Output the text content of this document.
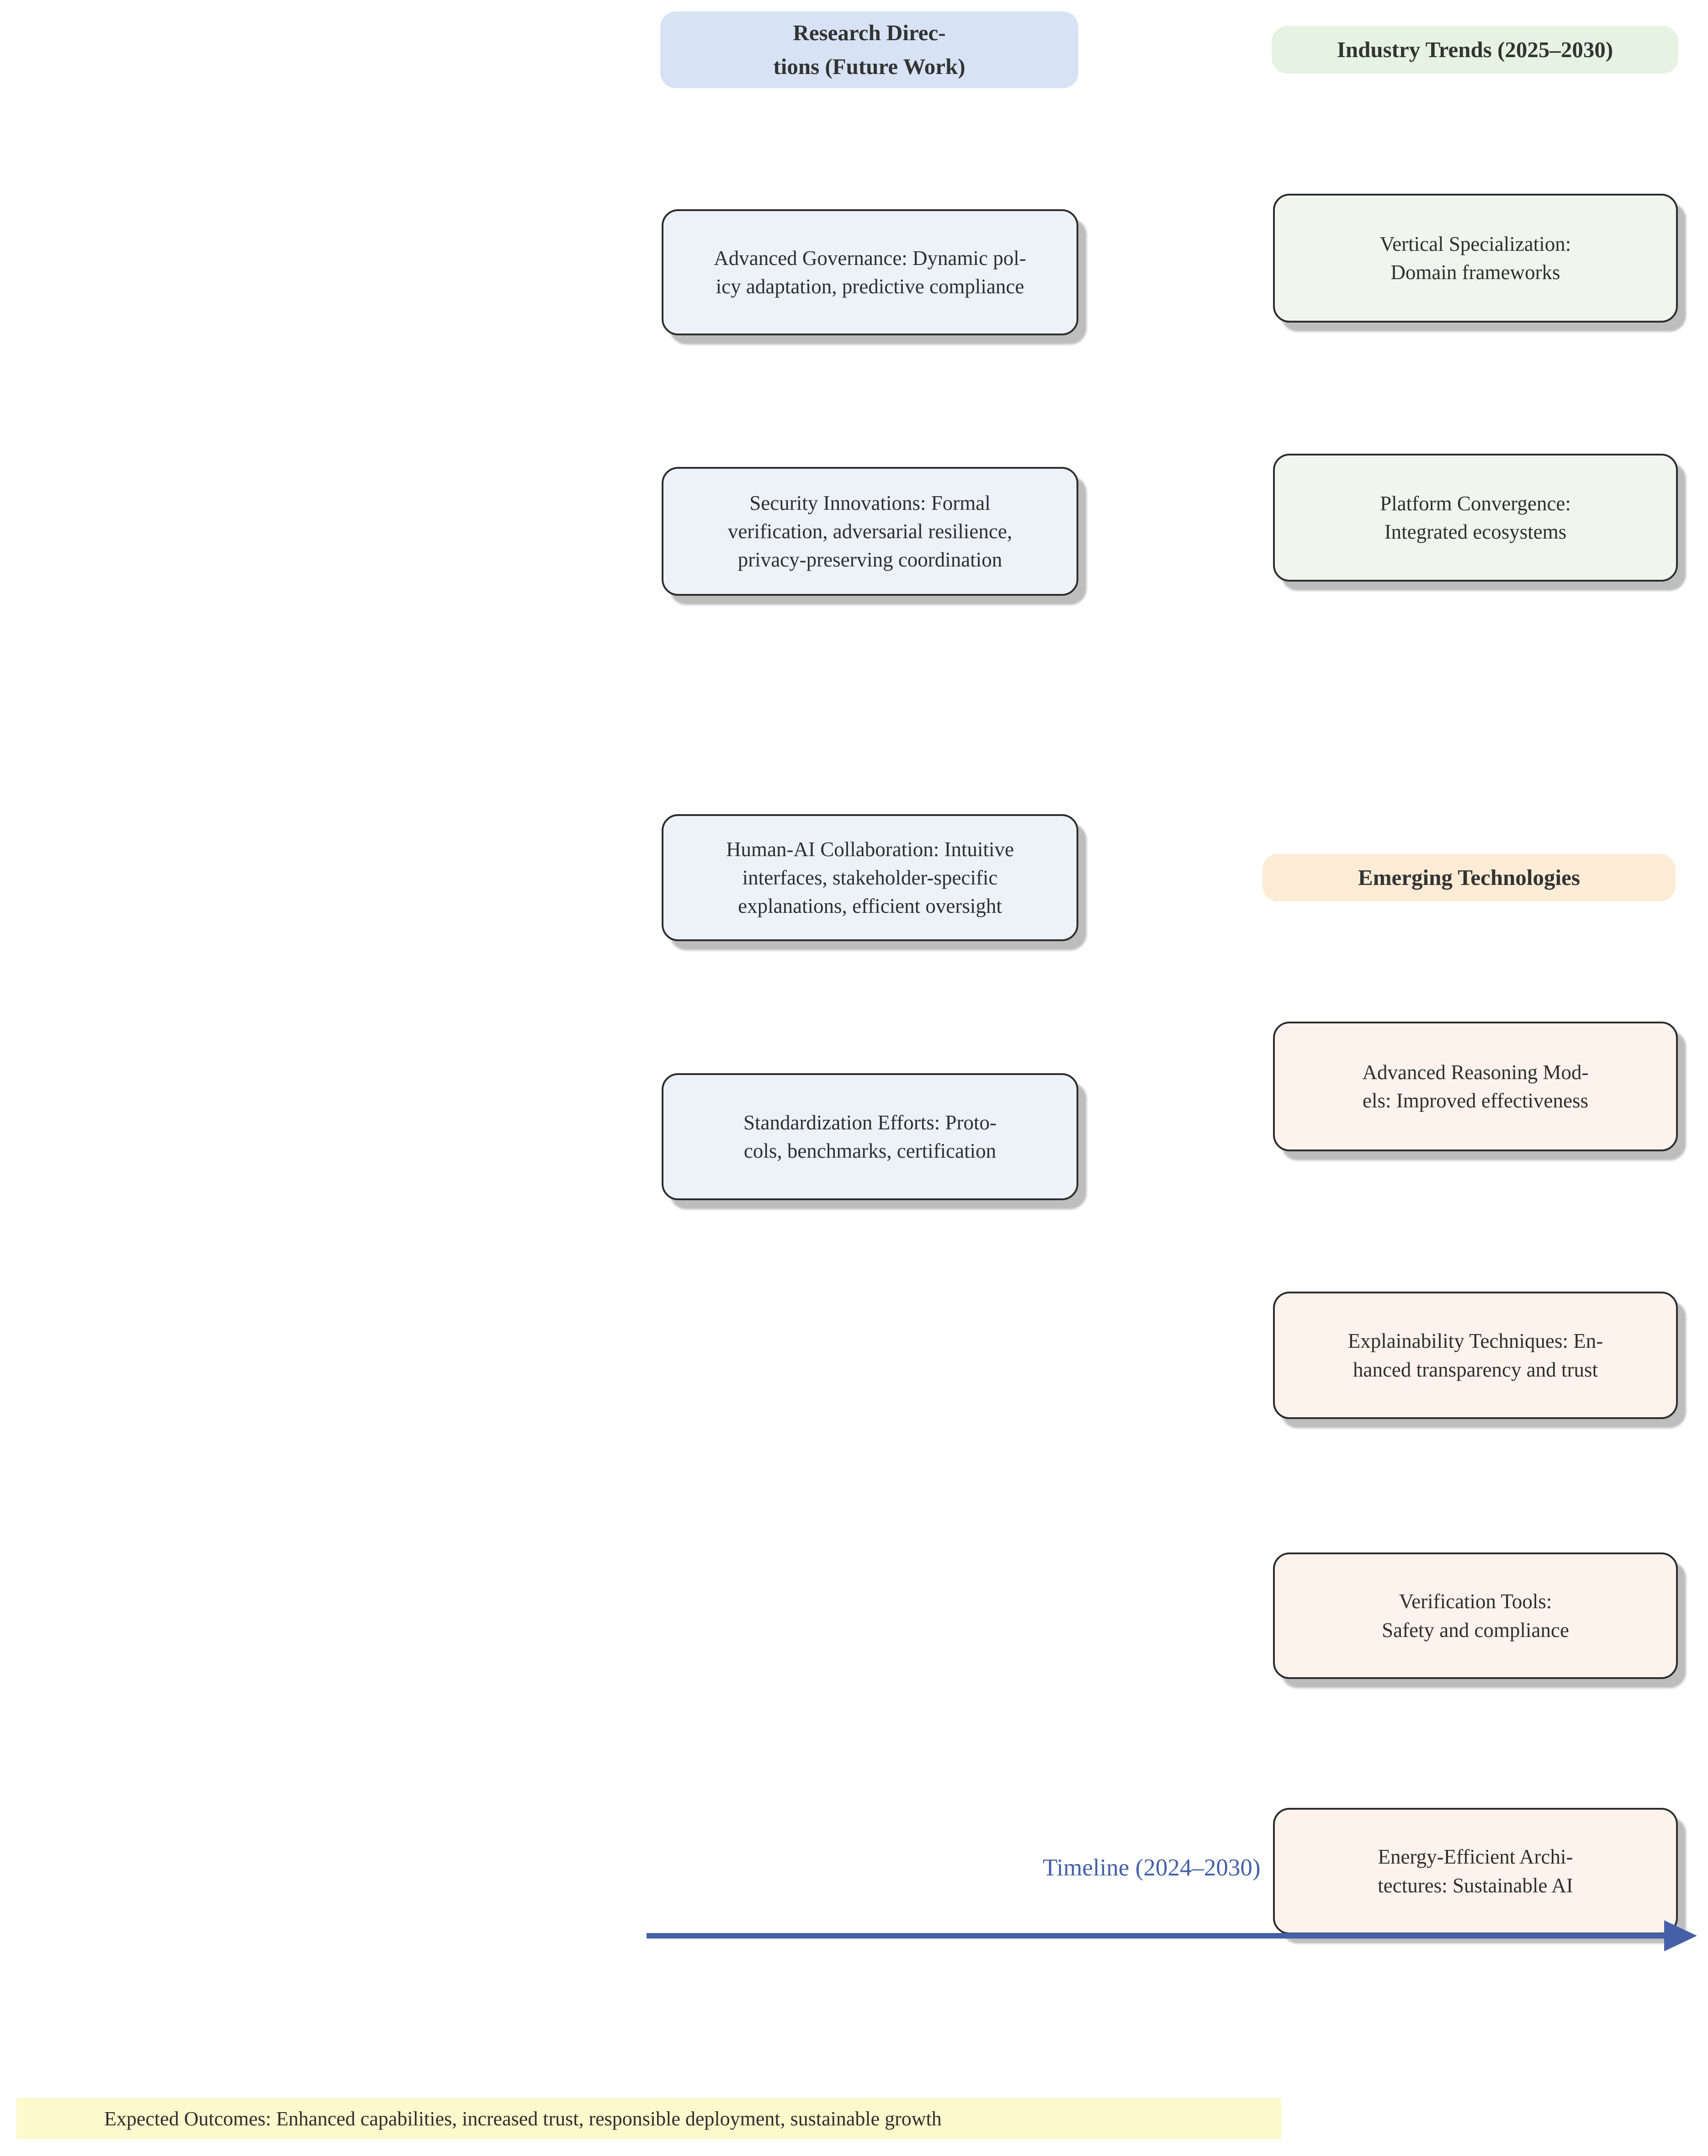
Research Direc-
tions (Future Work)
Industry Trends (2025–2030)
Advanced Governance: Dynamic pol-
icy adaptation, predictive compliance
Security Innovations: Formal
verification, adversarial resilience,
privacy-preserving coordination
Human-AI Collaboration: Intuitive
interfaces, stakeholder-specific
explanations, efficient oversight
Standardization Efforts: Proto-
cols, benchmarks, certification
Vertical Specialization:
Domain frameworks
Platform Convergence:
Integrated ecosystems
Emerging Technologies
Advanced Reasoning Mod-
els: Improved effectiveness
Explainability Techniques: En-
hanced transparency and trust
Verification Tools:
Safety and compliance
Energy-Efficient Archi-
tectures: Sustainable AI
Timeline (2024–2030)
Expected Outcomes: Enhanced capabilities, increased trust, responsible deployment, sustainable growth
